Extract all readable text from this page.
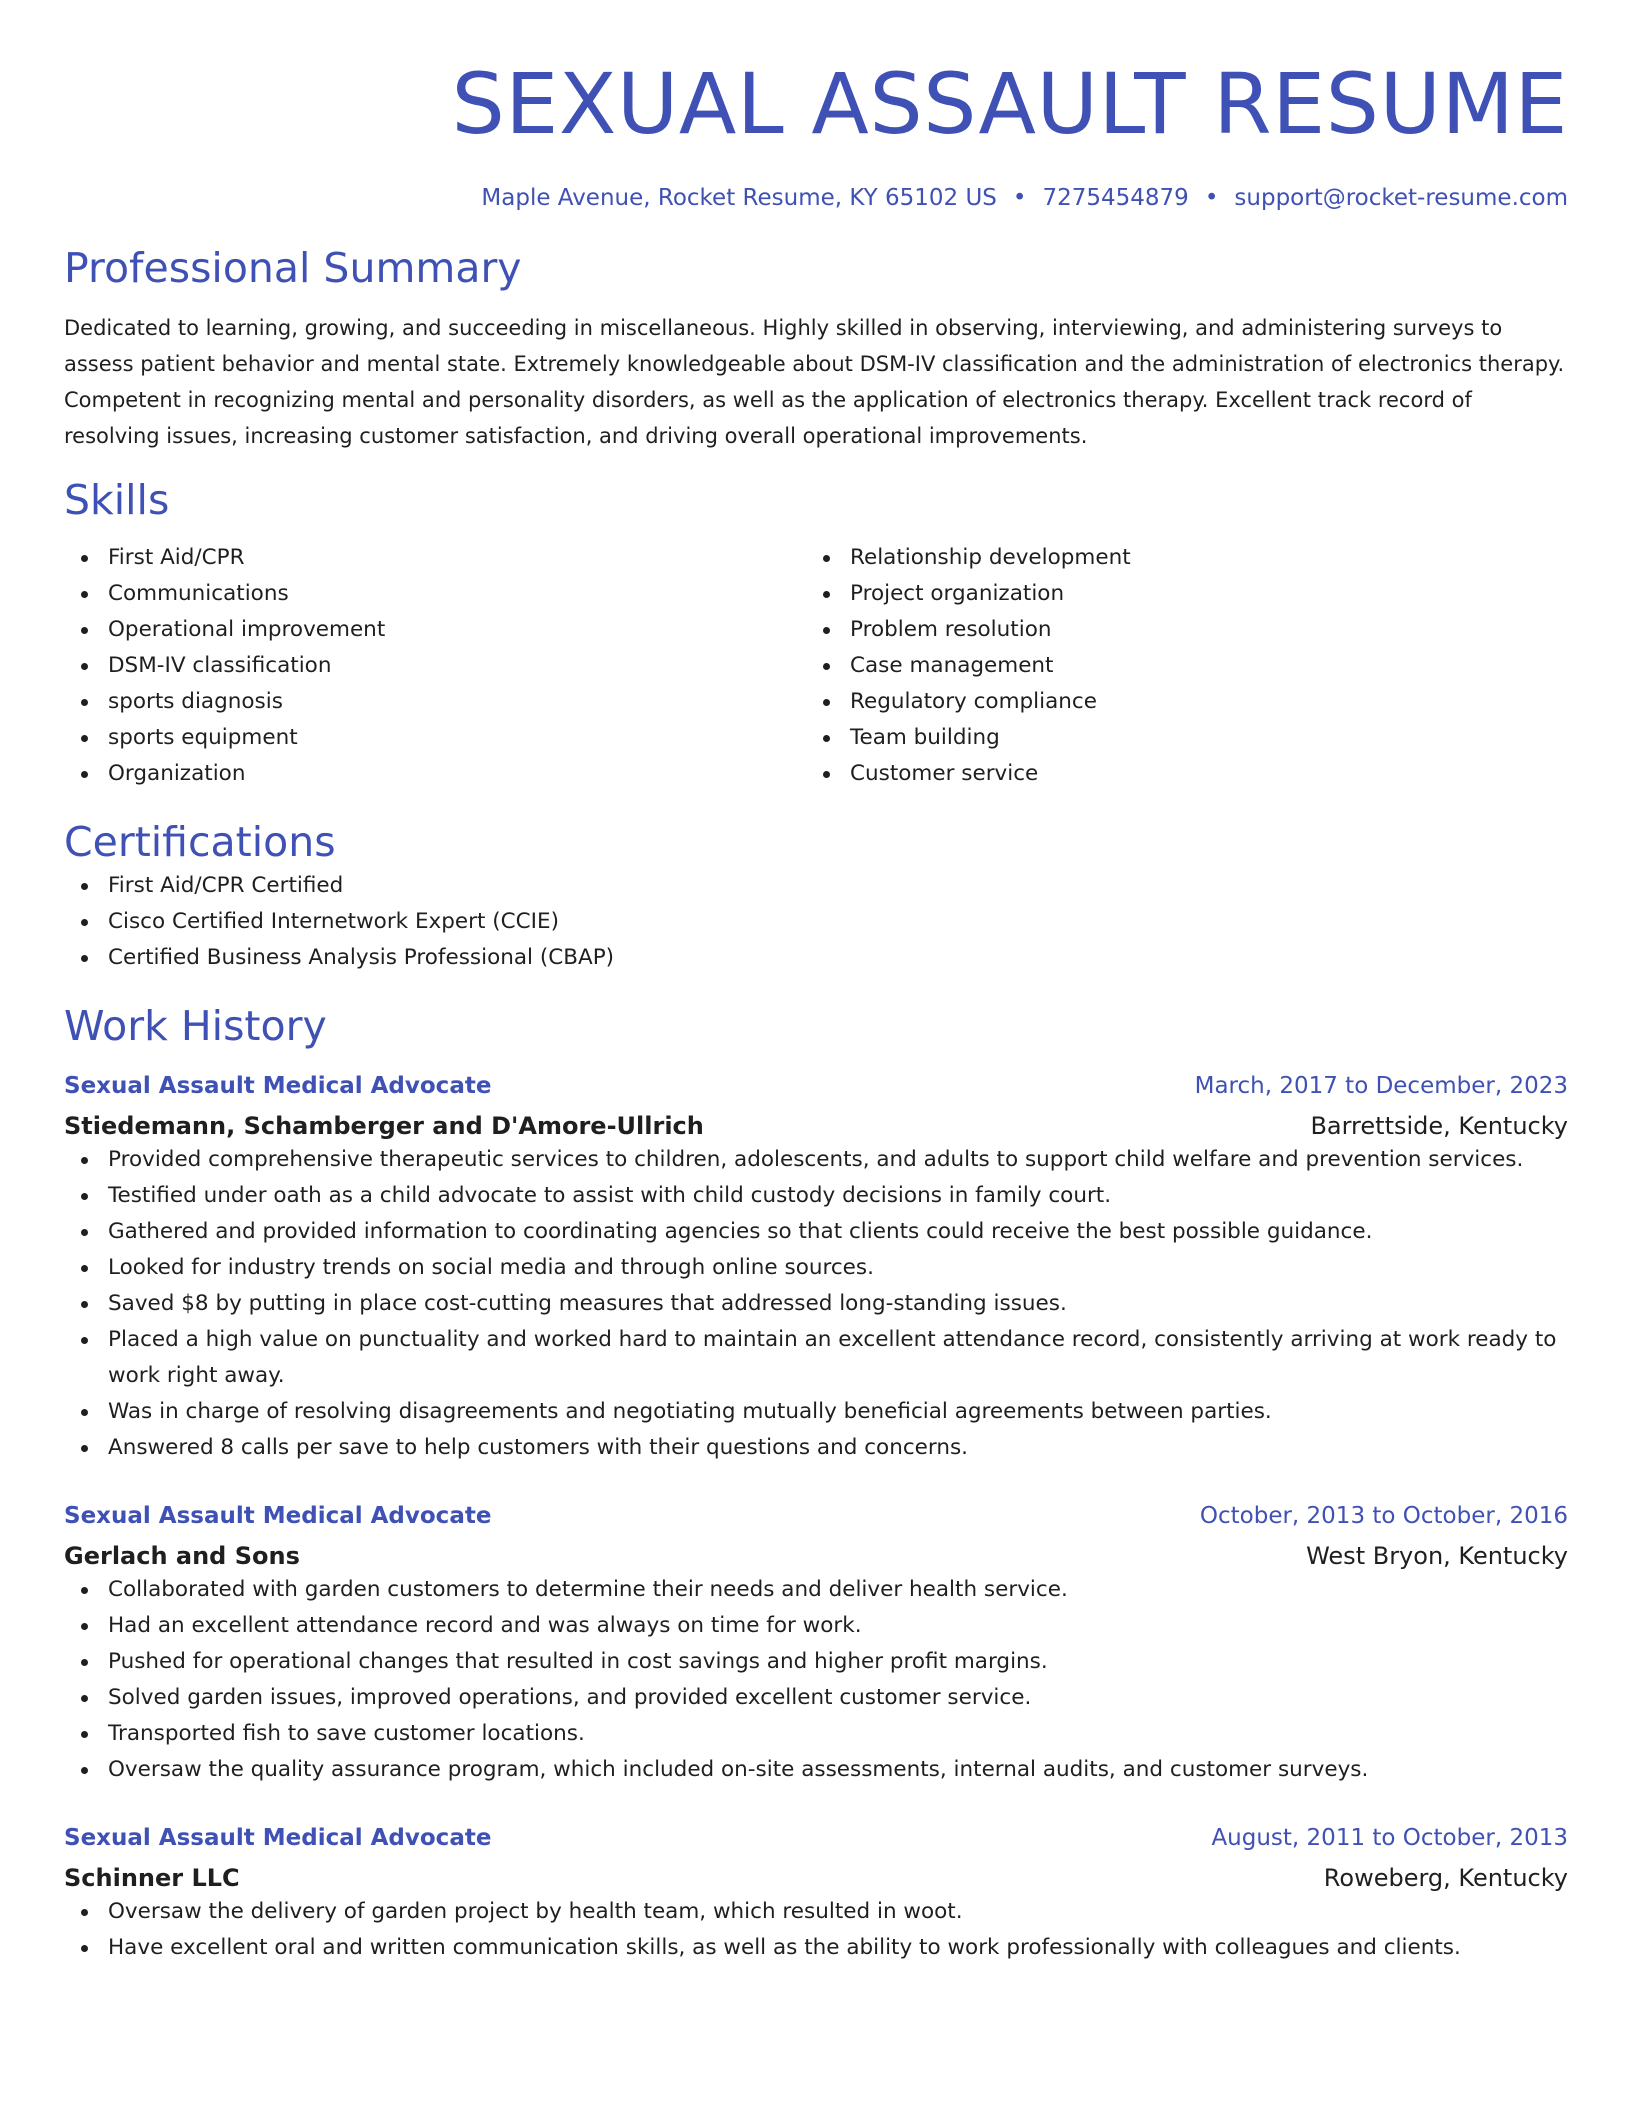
SEXUAL ASSAULT RESUME
Maple Avenue, Rocket Resume, KY 65102 US • 7275454879 • support@rocket-resume.com
Professional Summary

Dedicated to learning, growing, and succeeding in miscellaneous. Highly skilled in observing, interviewing, and administering surveys to assess patient behavior and mental state. Extremely knowledgeable about DSM-IV classification and the administration of electronics therapy. Competent in recognizing mental and personality disorders, as well as the application of electronics therapy. Excellent track record of resolving issues, increasing customer satisfaction, and driving overall operational improvements.

Skills
First Aid/CPR
Communications
Operational improvement
DSM-IV classification
sports diagnosis
sports equipment
Organization
Relationship development
Project organization
Problem resolution
Case management
Regulatory compliance
Team building
Customer service
Certifications
First Aid/CPR Certified
Cisco Certified Internetwork Expert (CCIE)
Certified Business Analysis Professional (CBAP)
Work History
Sexual Assault Medical Advocate	March, 2017 to December, 2023
Stiedemann, Schamberger and D'Amore-Ullrich	Barrettside, Kentucky
Provided comprehensive therapeutic services to children, adolescents, and adults to support child welfare and prevention services.
Testified under oath as a child advocate to assist with child custody decisions in family court.
Gathered and provided information to coordinating agencies so that clients could receive the best possible guidance.
Looked for industry trends on social media and through online sources.
Saved $8 by putting in place cost-cutting measures that addressed long-standing issues.
Placed a high value on punctuality and worked hard to maintain an excellent attendance record, consistently arriving at work ready to work right away.
Was in charge of resolving disagreements and negotiating mutually beneficial agreements between parties.
Answered 8 calls per save to help customers with their questions and concerns.
Sexual Assault Medical Advocate	October, 2013 to October, 2016
Gerlach and Sons	West Bryon, Kentucky
Collaborated with garden customers to determine their needs and deliver health service.
Had an excellent attendance record and was always on time for work.
Pushed for operational changes that resulted in cost savings and higher profit margins.
Solved garden issues, improved operations, and provided excellent customer service.
Transported fish to save customer locations.
Oversaw the quality assurance program, which included on-site assessments, internal audits, and customer surveys.
Sexual Assault Medical Advocate	August, 2011 to October, 2013
Schinner LLC	Roweberg, Kentucky
Oversaw the delivery of garden project by health team, which resulted in woot.
Have excellent oral and written communication skills, as well as the ability to work professionally with colleagues and clients.
